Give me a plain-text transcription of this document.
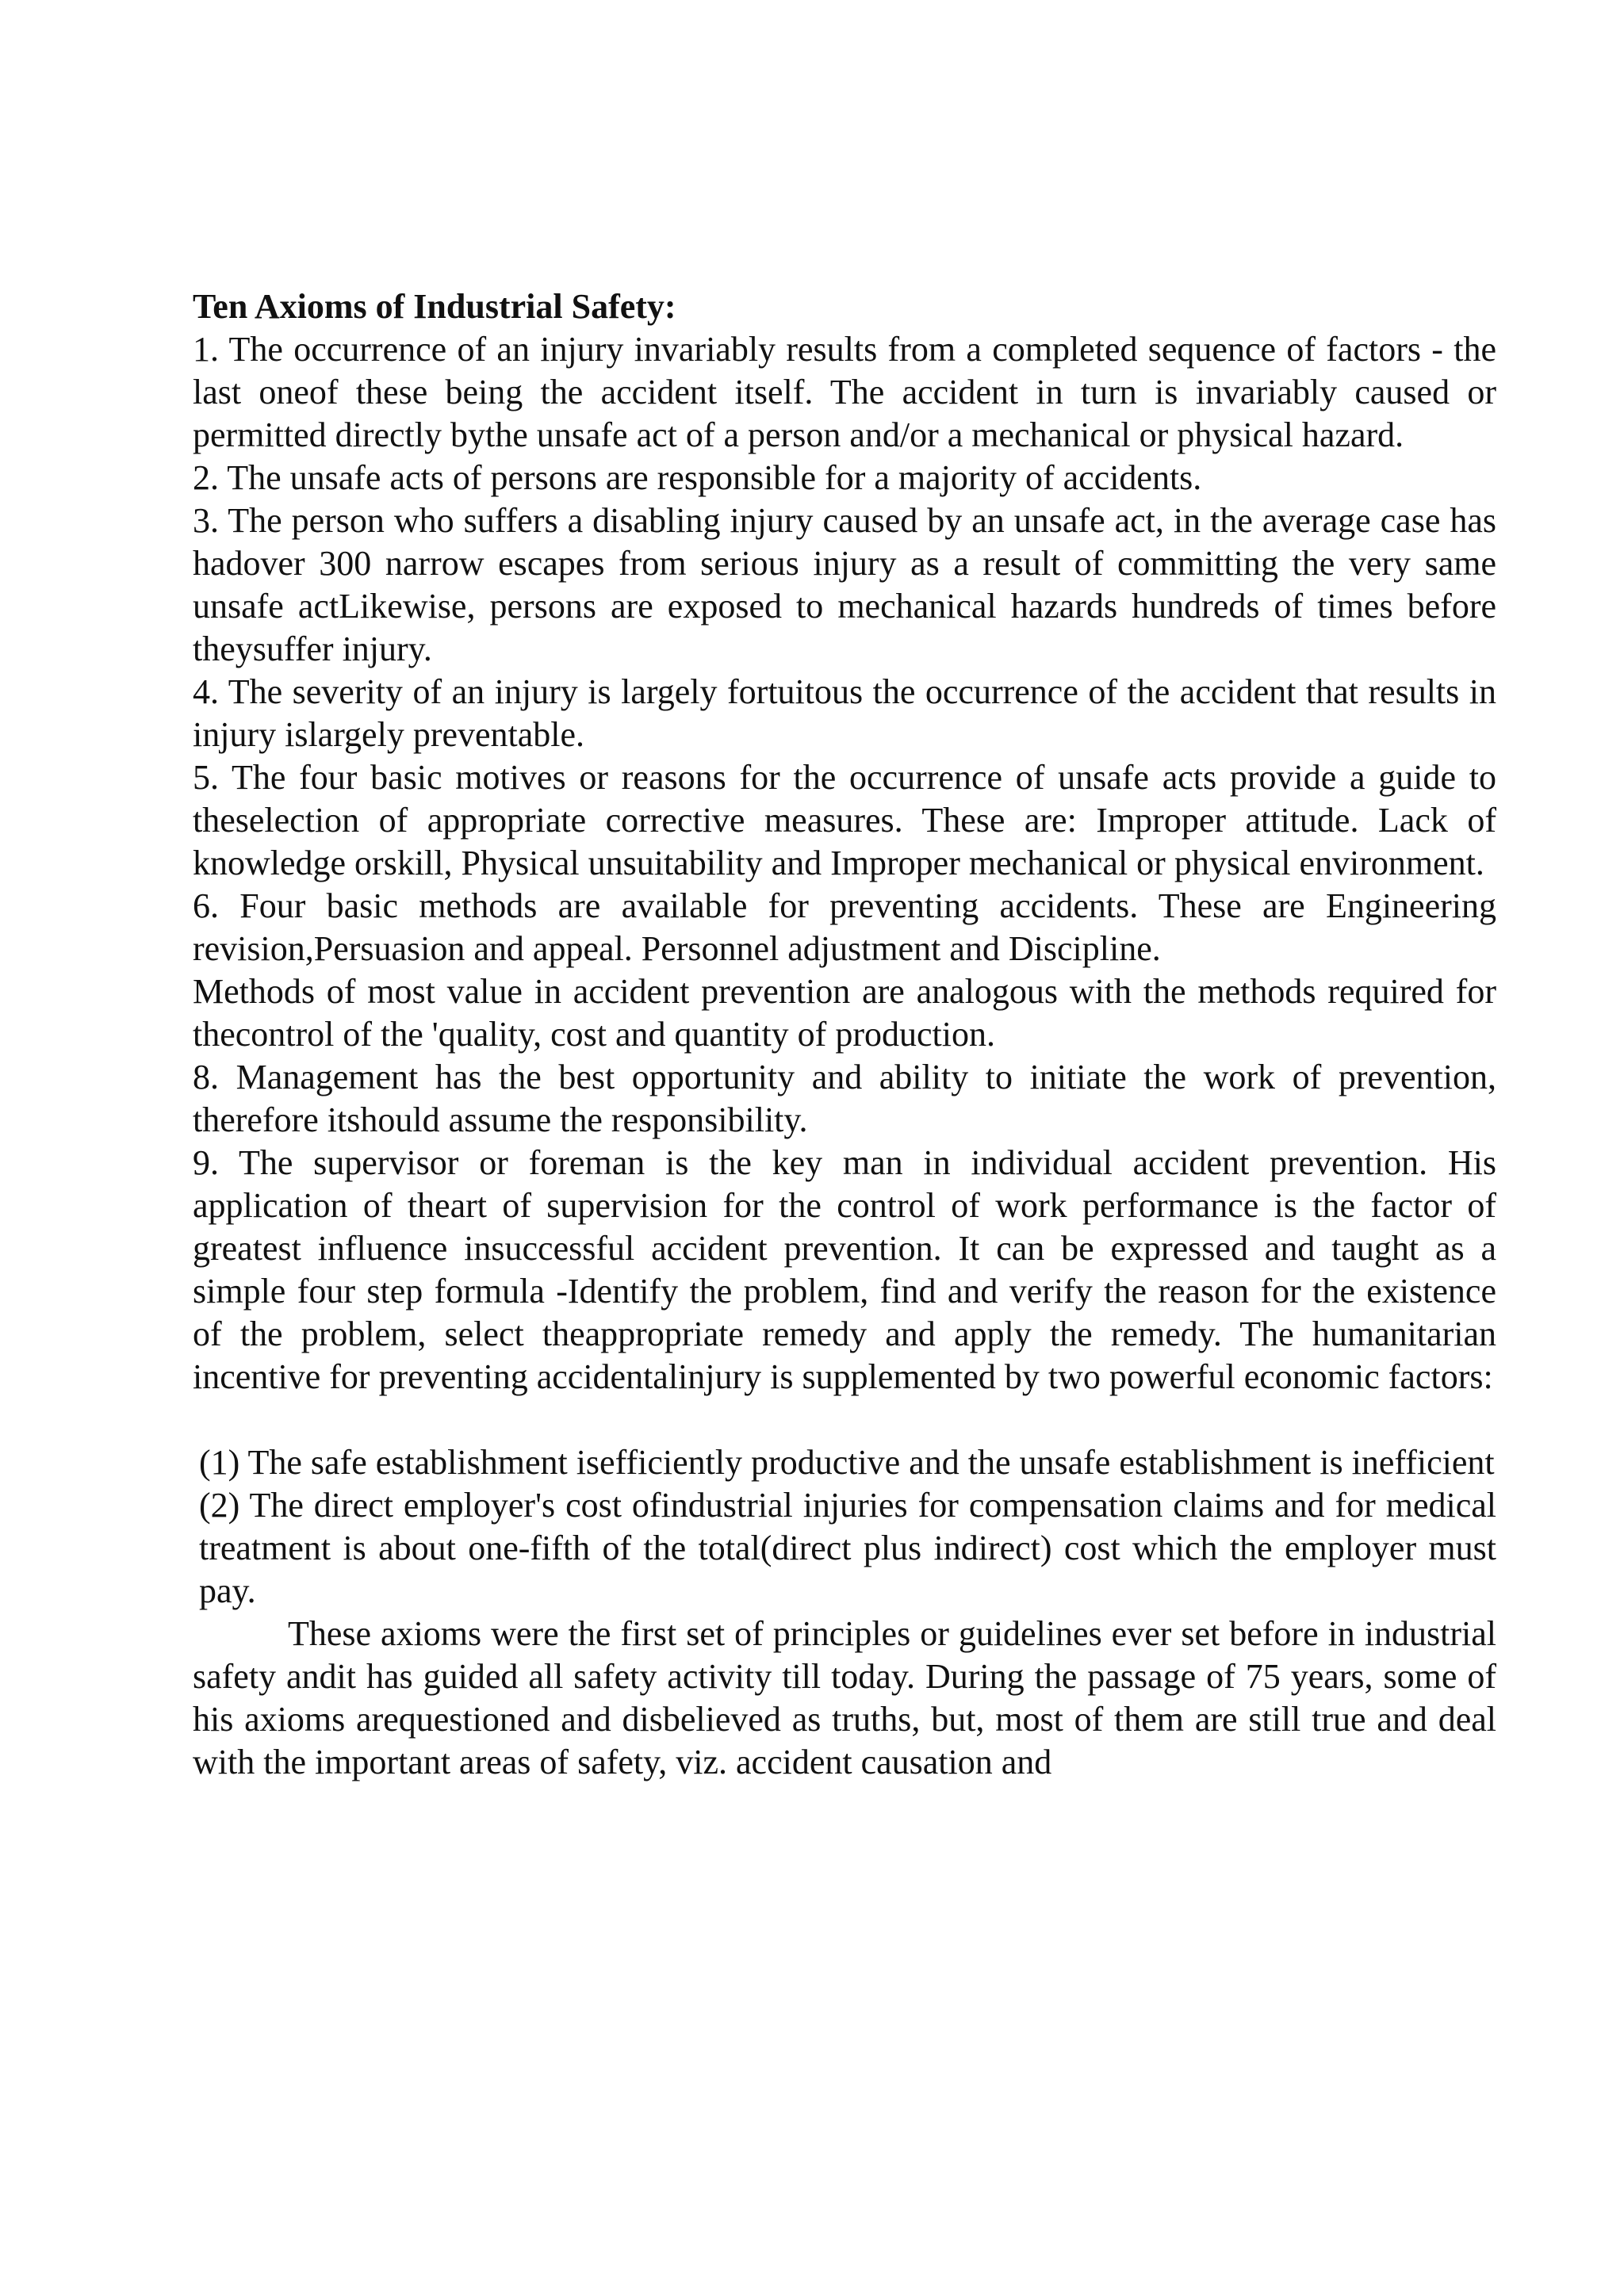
Ten Axioms of Industrial Safety:

1. The occurrence of an injury invariably results from a completed sequence of factors - the last oneof these being the accident itself. The accident in turn is invariably caused or permitted directly bythe unsafe act of a person and/or a mechanical or physical hazard.

2. The unsafe acts of persons are responsible for a majority of accidents.

3. The person who suffers a disabling injury caused by an unsafe act, in the average case has hadover 300 narrow escapes from serious injury as a result of committing the very same unsafe actLikewise, persons are exposed to mechanical hazards hundreds of times before theysuffer injury.

4. The severity of an injury is largely fortuitous the occurrence of the accident that results in injury islargely preventable.

5. The four basic motives or reasons for the occurrence of unsafe acts provide a guide to theselection of appropriate corrective measures. These are: Improper attitude. Lack of knowledge orskill, Physical unsuitability and Improper mechanical or physical environment.

6. Four basic methods are available for preventing accidents. These are Engineering revision,Persuasion and appeal. Personnel adjustment and Discipline.

Methods of most value in accident prevention are analogous with the methods required for thecontrol of the 'quality, cost and quantity of production.

8. Management has the best opportunity and ability to initiate the work of prevention, therefore itshould assume the responsibility.

9. The supervisor or foreman is the key man in individual accident prevention. His application of theart of supervision for the control of work performance is the factor of greatest influence insuccessful accident prevention. It can be expressed and taught as a simple four step formula -Identify the problem, find and verify the reason for the existence of the problem, select theappropriate remedy and apply the remedy. The humanitarian incentive for preventing accidentalinjury is supplemented by two powerful economic factors:

(1) The safe establishment isefficiently productive and the unsafe establishment is inefficient

(2) The direct employer's cost ofindustrial injuries for compensation claims and for medical treatment is about one-fifth of the total(direct plus indirect) cost which the employer must pay.

These axioms were the first set of principles or guidelines ever set before in industrial safety andit has guided all safety activity till today. During the passage of 75 years, some of his axioms arequestioned and disbelieved as truths, but, most of them are still true and deal with the important areas of safety, viz. accident causation and
